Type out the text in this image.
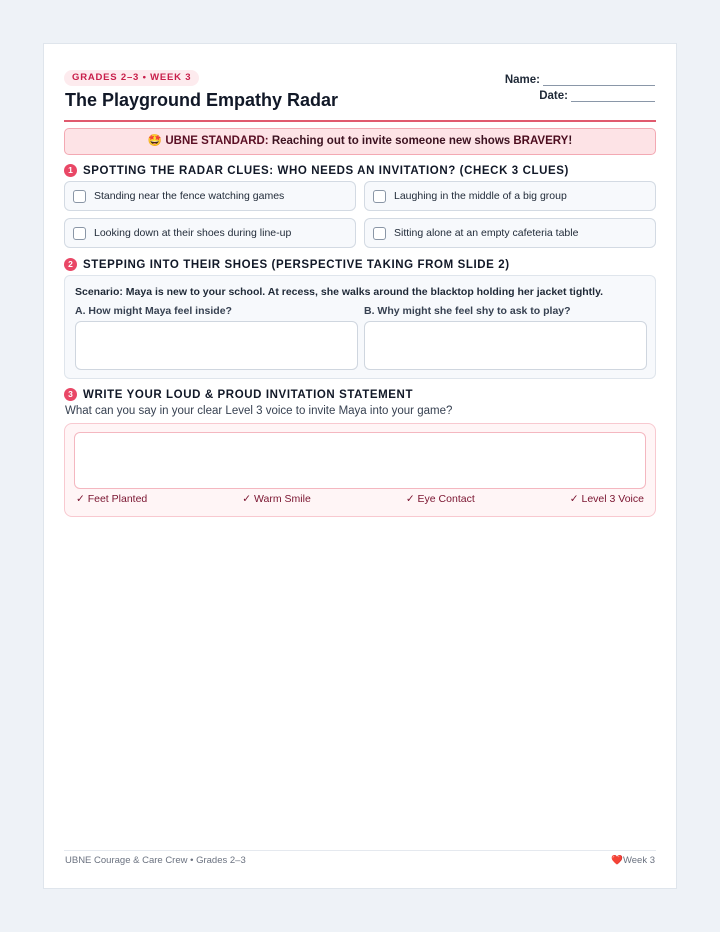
GRADES 2–3 • WEEK 3
The Playground Empathy Radar
Name:
Date:
🤩 UBNE STANDARD: Reaching out to invite someone new shows BRAVERY!
1 SPOTTING THE RADAR CLUES: WHO NEEDS AN INVITATION? (CHECK 3 CLUES)
Standing near the fence watching games	Laughing in the middle of a big group
Looking down at their shoes during line-up	Sitting alone at an empty cafeteria table
2 STEPPING INTO THEIR SHOES (PERSPECTIVE TAKING FROM SLIDE 2)
Scenario: Maya is new to your school. At recess, she walks around the blacktop holding her jacket tightly.
A. How might Maya feel inside?	B. Why might she feel shy to ask to play?
3 WRITE YOUR LOUD & PROUD INVITATION STATEMENT
What can you say in your clear Level 3 voice to invite Maya into your game?
✓ Feet Planted	✓ Warm Smile	✓ Eye Contact	✓ Level 3 Voice
UBNE Courage & Care Crew • Grades 2–3	❤️Week 3
